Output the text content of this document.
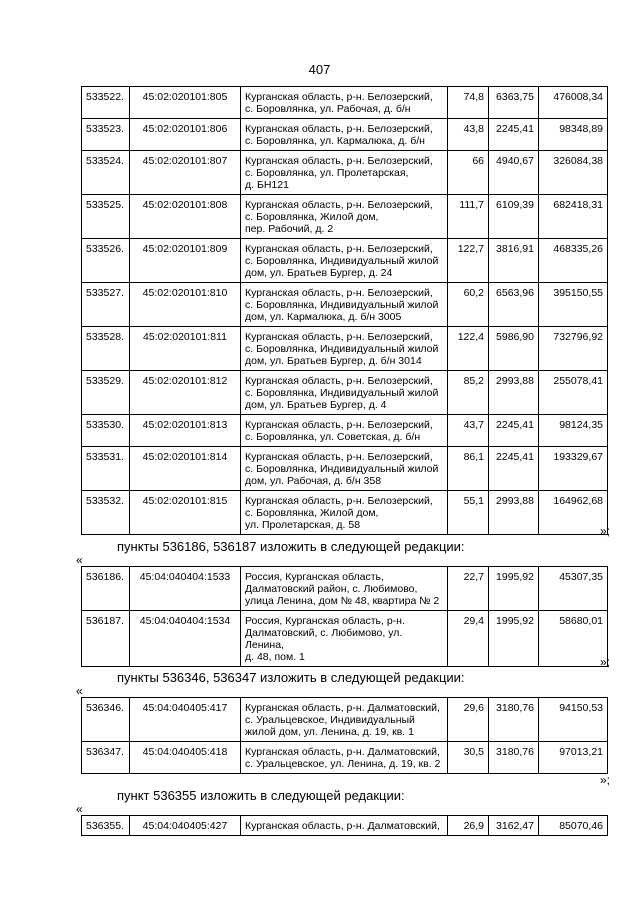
407
533522.	45:02:020101:805	Курганская область, р-н. Белозерский,
с. Боровлянка, ул. Рабочая, д. б/н	74,8	6363,75	476008,34
533523.	45:02:020101:806	Курганская область, р-н. Белозерский,
с. Боровлянка, ул. Кармалюка, д. б/н	43,8	2245,41	98348,89
533524.	45:02:020101:807	Курганская область, р-н. Белозерский,
с. Боровлянка, ул. Пролетарская,
д. БН121	66	4940,67	326084,38
533525.	45:02:020101:808	Курганская область, р-н. Белозерский,
с. Боровлянка, Жилой дом,
пер. Рабочий, д. 2	111,7	6109,39	682418,31
533526.	45:02:020101:809	Курганская область, р-н. Белозерский,
с. Боровлянка, Индивидуальный жилой
дом, ул. Братьев Бургер, д. 24	122,7	3816,91	468335,26
533527.	45:02:020101:810	Курганская область, р-н. Белозерский,
с. Боровлянка, Индивидуальный жилой
дом, ул. Кармалюка, д. б/н 3005	60,2	6563,96	395150,55
533528.	45:02:020101:811	Курганская область, р-н. Белозерский,
с. Боровлянка, Индивидуальный жилой
дом, ул. Братьев Бургер, д. б/н 3014	122,4	5986,90	732796,92
533529.	45:02:020101:812	Курганская область, р-н. Белозерский,
с. Боровлянка, Индивидуальный жилой
дом, ул. Братьев Бургер, д. 4	85,2	2993,88	255078,41
533530.	45:02:020101:813	Курганская область, р-н. Белозерский,
с. Боровлянка, ул. Советская, д. б/н	43,7	2245,41	98124,35
533531.	45:02:020101:814	Курганская область, р-н. Белозерский,
с. Боровлянка, Индивидуальный жилой
дом, ул. Рабочая, д. б/н 358	86,1	2245,41	193329,67
533532.	45:02:020101:815	Курганская область, р-н. Белозерский,
с. Боровлянка, Жилой дом,
ул. Пролетарская, д. 58	55,1	2993,88	164962,68
»;
пункты 536186, 536187 изложить в следующей редакции:
«
536186.	45:04:040404:1533	Россия, Курганская область,
Далматовский район, с. Любимово,
улица Ленина, дом № 48, квартира № 2	22,7	1995,92	45307,35
536187.	45:04:040404:1534	Россия, Курганская область, р-н.
Далматовский, с. Любимово, ул. Ленина,
д. 48, пом. 1	29,4	1995,92	58680,01
»;
пункты 536346, 536347 изложить в следующей редакции:
«
536346.	45:04:040405:417	Курганская область, р-н. Далматовский,
с. Уральцевское, Индивидуальный
жилой дом, ул. Ленина, д. 19, кв. 1	29,6	3180,76	94150,53
536347.	45:04:040405:418	Курганская область, р-н. Далматовский,
с. Уральцевское, ул. Ленина, д. 19, кв. 2	30,5	3180,76	97013,21
»;
пункт 536355 изложить в следующей редакции:
«
536355.	45:04:040405:427	Курганская область, р-н. Далматовский,	26,9	3162,47	85070,46
